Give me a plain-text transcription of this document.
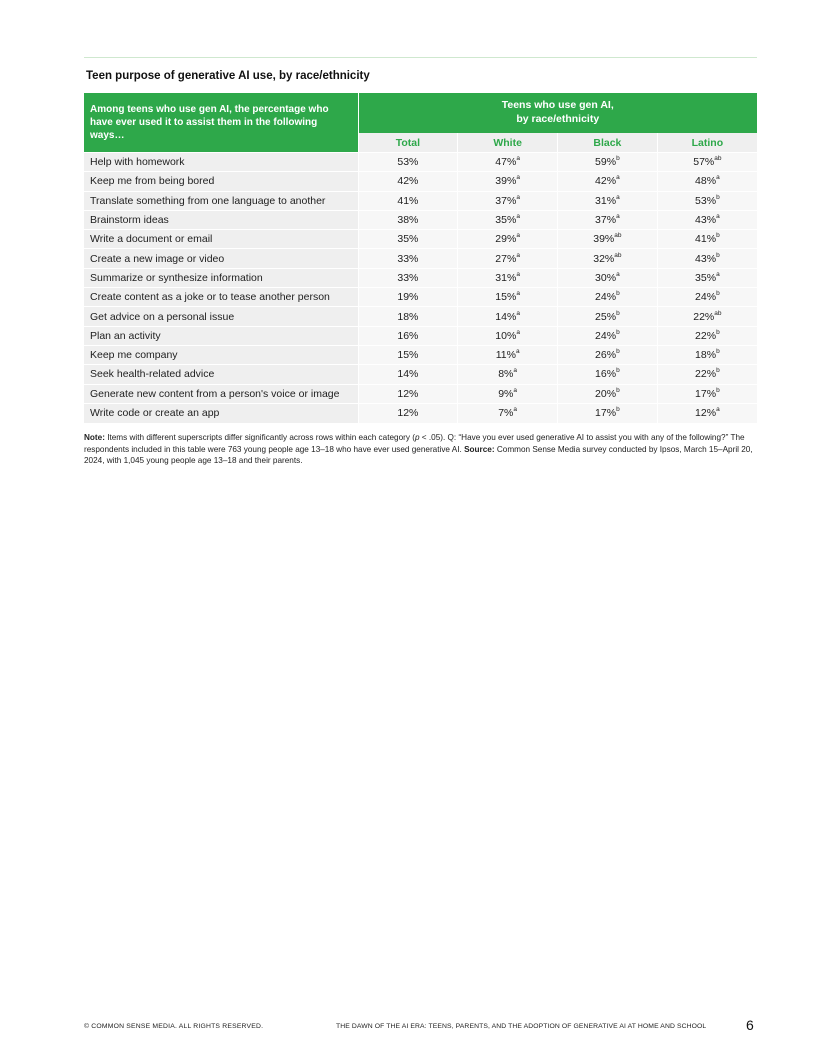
Teen purpose of generative AI use, by race/ethnicity
Among teens who use gen AI, the percentage who have ever used it to assist them in the following ways…	Teens who use gen AI, by race/ethnicity			
	Total	White	Black	Latino
Help with homework	53%	47%$^a$	59%$^b$	57%$^{ab}$
Keep me from being bored	42%	39%$^a$	42%$^a$	48%$^a$
Translate something from one language to another	41%	37%$^a$	31%$^a$	53%$^b$
Brainstorm ideas	38%	35%$^a$	37%$^a$	43%$^a$
Write a document or email	35%	29%$^a$	39%$^{ab}$	41%$^b$
Create a new image or video	33%	27%$^a$	32%$^{ab}$	43%$^b$
Summarize or synthesize information	33%	31%$^a$	30%$^a$	35%$^a$
Create content as a joke or to tease another person	19%	15%$^a$	24%$^b$	24%$^b$
Get advice on a personal issue	18%	14%$^a$	25%$^b$	22%$^{ab}$
Plan an activity	16%	10%$^a$	24%$^b$	22%$^b$
Keep me company	15%	11%$^a$	26%$^b$	18%$^b$
Seek health-related advice	14%	8%$^a$	16%$^b$	22%$^b$
Generate new content from a person's voice or image	12%	9%$^a$	20%$^b$	17%$^b$
Write code or create an app	12%	7%$^a$	17%$^b$	12%$^a$
Note: Items with different superscripts differ significantly across rows within each category (p < .05). Q: “Have you ever used generative AI to assist you with any of the following?” The respondents included in this table were 763 young people age 13–18 who have ever used generative AI. Source: Common Sense Media survey conducted by Ipsos, March 15–April 20, 2024, with 1,045 young people age 13–18 and their parents.
© COMMON SENSE MEDIA. ALL RIGHTS RESERVED.	THE DAWN OF THE AI ERA: TEENS, PARENTS, AND THE ADOPTION OF GENERATIVE AI AT HOME AND SCHOOL	6
